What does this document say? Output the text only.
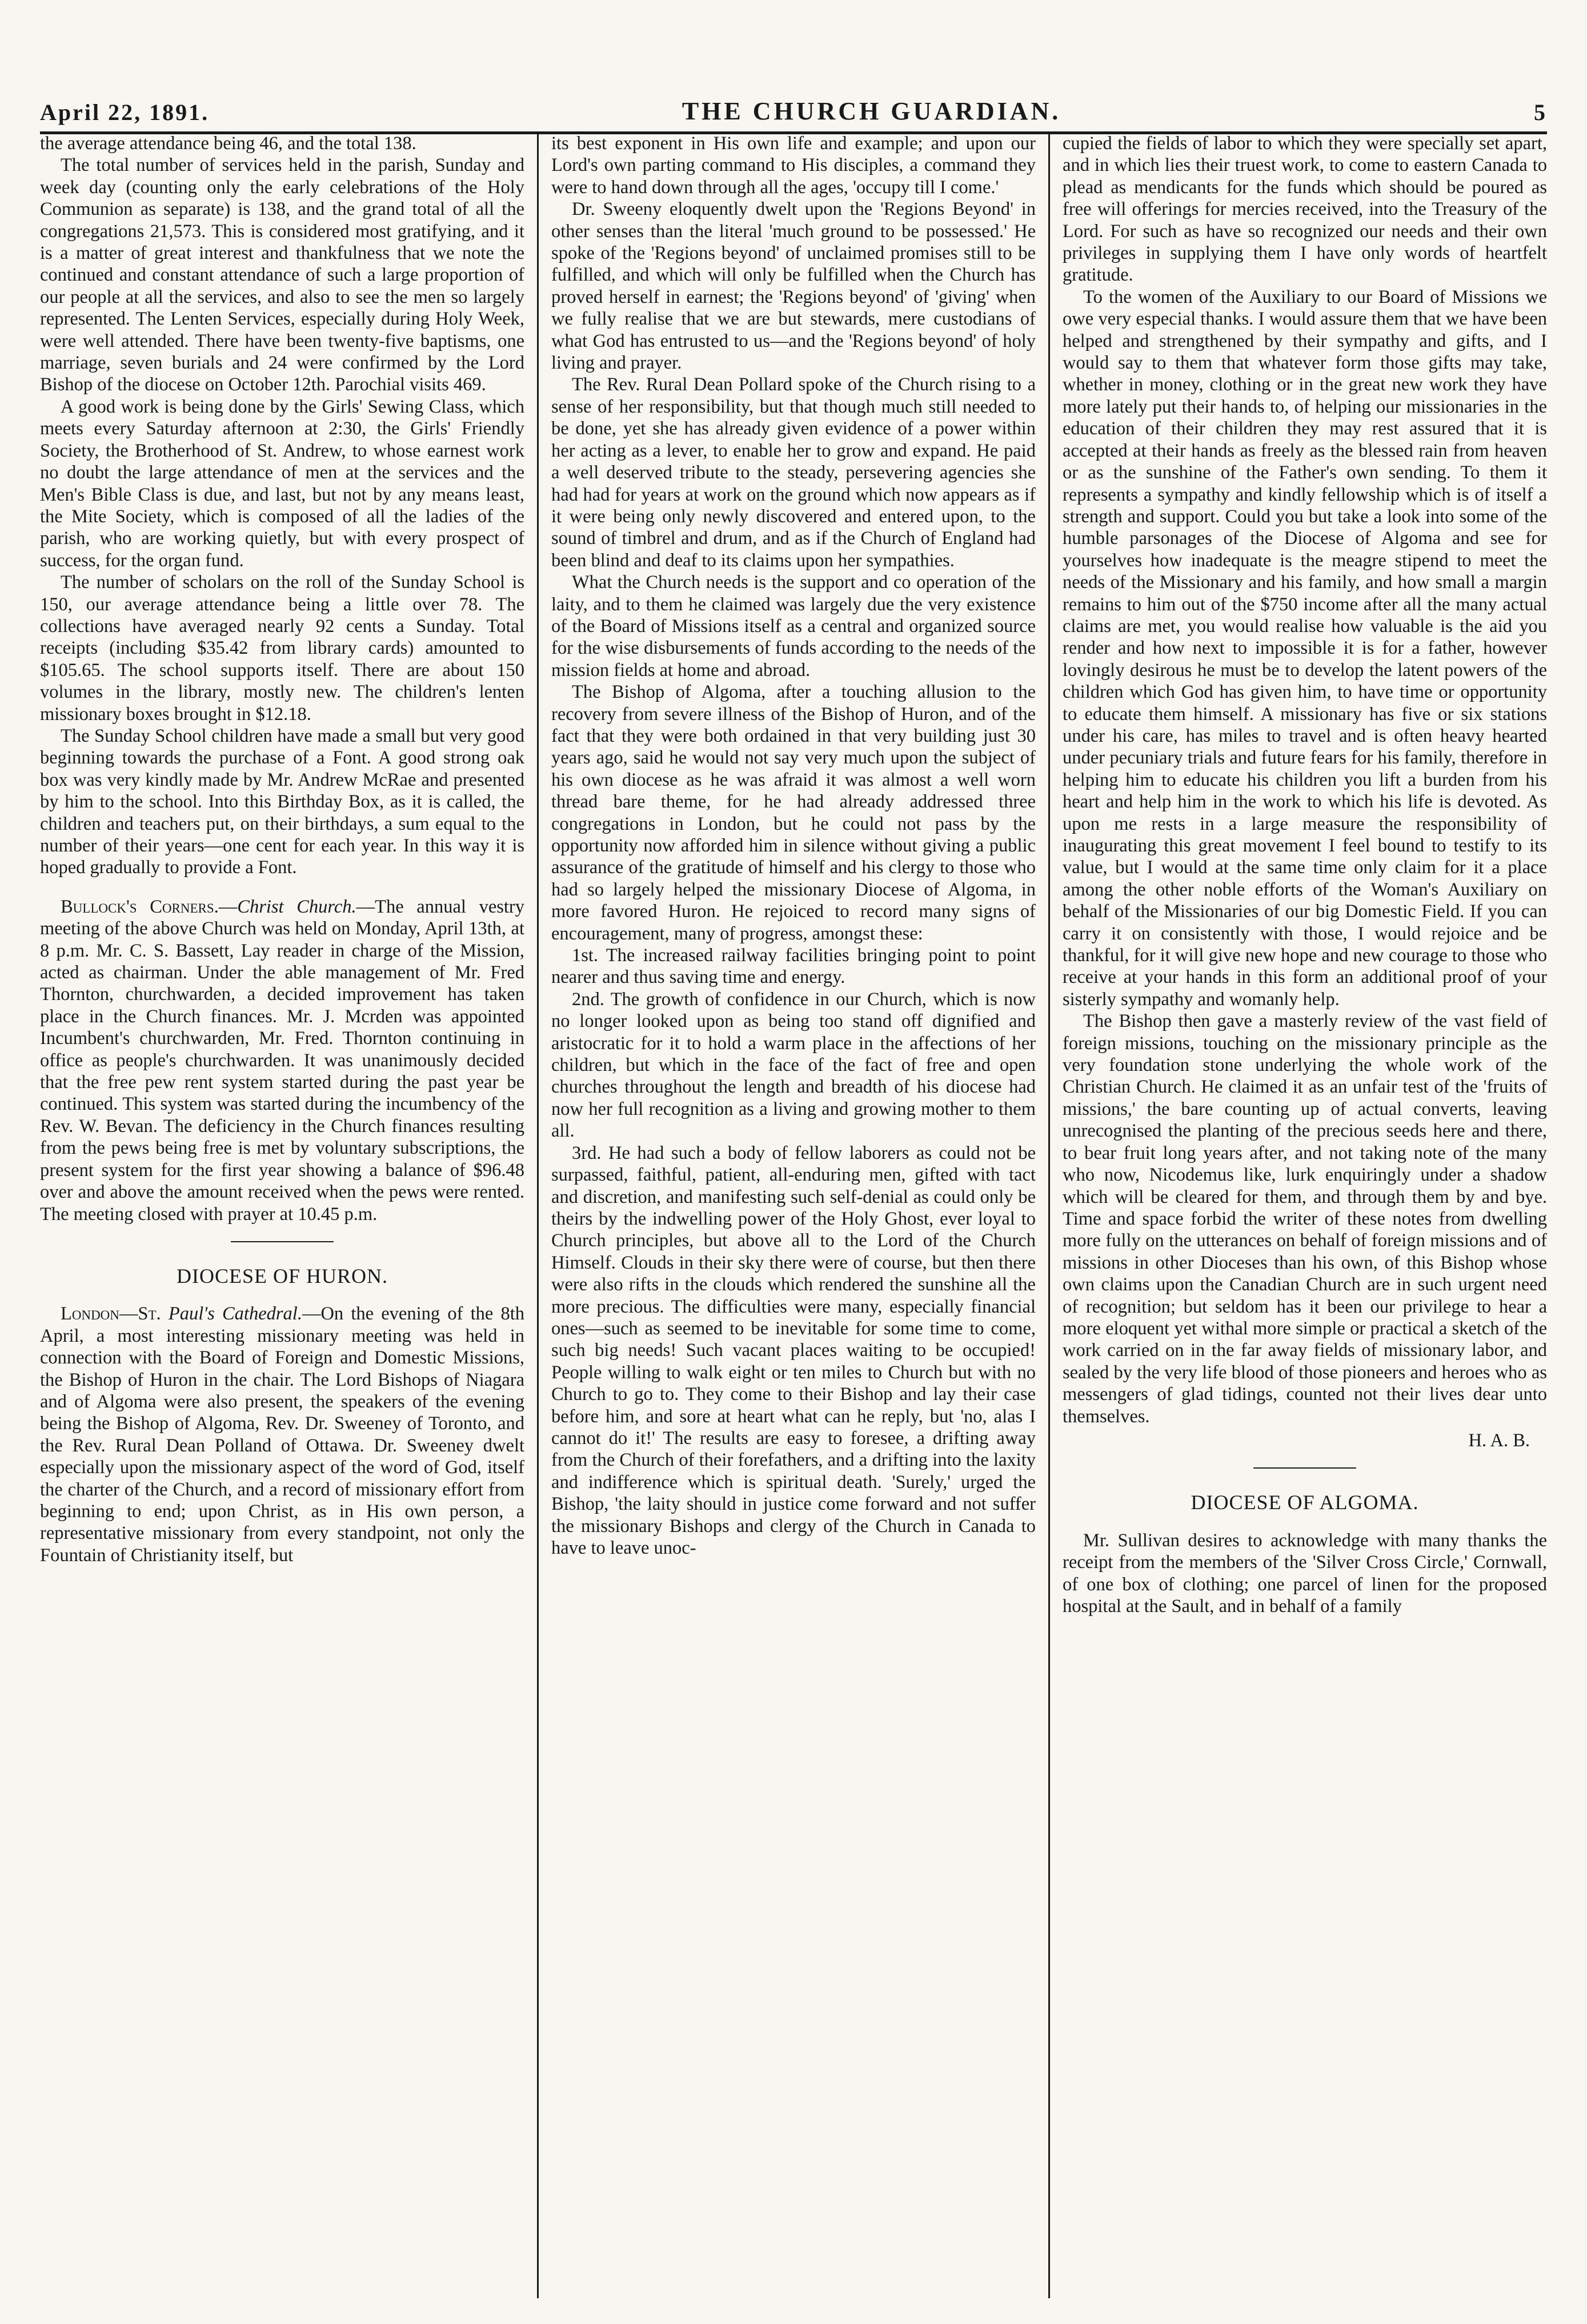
April 22, 1891.	THE CHURCH GUARDIAN.	5

the average attendance being 46, and the total 138.

The total number of services held in the parish, Sunday and week day (counting only the early celebrations of the Holy Communion as separate) is 138, and the grand total of all the congregations 21,573. This is considered most gratifying, and it is a matter of great interest and thankfulness that we note the continued and constant attendance of such a large proportion of our people at all the services, and also to see the men so largely represented. The Lenten Services, especially during Holy Week, were well attended. There have been twenty-five baptisms, one marriage, seven burials and 24 were confirmed by the Lord Bishop of the diocese on October 12th. Parochial visits 469.

A good work is being done by the Girls' Sewing Class, which meets every Saturday afternoon at 2:30, the Girls' Friendly Society, the Brotherhood of St. Andrew, to whose earnest work no doubt the large attendance of men at the services and the Men's Bible Class is due, and last, but not by any means least, the Mite Society, which is composed of all the ladies of the parish, who are working quietly, but with every prospect of success, for the organ fund.

The number of scholars on the roll of the Sunday School is 150, our average attendance being a little over 78. The collections have averaged nearly 92 cents a Sunday. Total receipts (including $35.42 from library cards) amounted to $105.65. The school supports itself. There are about 150 volumes in the library, mostly new. The children's lenten missionary boxes brought in $12.18.

The Sunday School children have made a small but very good beginning towards the purchase of a Font. A good strong oak box was very kindly made by Mr. Andrew McRae and presented by him to the school. Into this Birthday Box, as it is called, the children and teachers put, on their birthdays, a sum equal to the number of their years—one cent for each year. In this way it is hoped gradually to provide a Font.

Bullock's Corners.—Christ Church.—The annual vestry meeting of the above Church was held on Monday, April 13th, at 8 p.m. Mr. C. S. Bassett, Lay reader in charge of the Mission, acted as chairman. Under the able management of Mr. Fred Thornton, churchwarden, a decided improvement has taken place in the Church finances. Mr. J. Mcrden was appointed Incumbent's churchwarden, Mr. Fred. Thornton continuing in office as people's churchwarden. It was unanimously decided that the free pew rent system started during the past year be continued. This system was started during the incumbency of the Rev. W. Bevan. The deficiency in the Church finances resulting from the pews being free is met by voluntary subscriptions, the present system for the first year showing a balance of $96.48 over and above the amount received when the pews were rented. The meeting closed with prayer at 10.45 p.m.

DIOCESE OF HURON.

London—St. Paul's Cathedral.—On the evening of the 8th April, a most interesting missionary meeting was held in connection with the Board of Foreign and Domestic Missions, the Bishop of Huron in the chair. The Lord Bishops of Niagara and of Algoma were also present, the speakers of the evening being the Bishop of Algoma, Rev. Dr. Sweeney of Toronto, and the Rev. Rural Dean Polland of Ottawa. Dr. Sweeney dwelt especially upon the missionary aspect of the word of God, itself the charter of the Church, and a record of missionary effort from beginning to end; upon Christ, as in His own person, a representative missionary from every standpoint, not only the Fountain of Christianity itself, but

its best exponent in His own life and example; and upon our Lord's own parting command to His disciples, a command they were to hand down through all the ages, 'occupy till I come.'

Dr. Sweeny eloquently dwelt upon the 'Regions Beyond' in other senses than the literal 'much ground to be possessed.' He spoke of the 'Regions beyond' of unclaimed promises still to be fulfilled, and which will only be fulfilled when the Church has proved herself in earnest; the 'Regions beyond' of 'giving' when we fully realise that we are but stewards, mere custodians of what God has entrusted to us—and the 'Regions beyond' of holy living and prayer.

The Rev. Rural Dean Pollard spoke of the Church rising to a sense of her responsibility, but that though much still needed to be done, yet she has already given evidence of a power within her acting as a lever, to enable her to grow and expand. He paid a well deserved tribute to the steady, persevering agencies she had had for years at work on the ground which now appears as if it were being only newly discovered and entered upon, to the sound of timbrel and drum, and as if the Church of England had been blind and deaf to its claims upon her sympathies.

What the Church needs is the support and co operation of the laity, and to them he claimed was largely due the very existence of the Board of Missions itself as a central and organized source for the wise disbursements of funds according to the needs of the mission fields at home and abroad.

The Bishop of Algoma, after a touching allusion to the recovery from severe illness of the Bishop of Huron, and of the fact that they were both ordained in that very building just 30 years ago, said he would not say very much upon the subject of his own diocese as he was afraid it was almost a well worn thread bare theme, for he had already addressed three congregations in London, but he could not pass by the opportunity now afforded him in silence without giving a public assurance of the gratitude of himself and his clergy to those who had so largely helped the missionary Diocese of Algoma, in more favored Huron. He rejoiced to record many signs of encouragement, many of progress, amongst these:

1st. The increased railway facilities bringing point to point nearer and thus saving time and energy.

2nd. The growth of confidence in our Church, which is now no longer looked upon as being too stand off dignified and aristocratic for it to hold a warm place in the affections of her children, but which in the face of the fact of free and open churches throughout the length and breadth of his diocese had now her full recognition as a living and growing mother to them all.

3rd. He had such a body of fellow laborers as could not be surpassed, faithful, patient, all-enduring men, gifted with tact and discretion, and manifesting such self-denial as could only be theirs by the indwelling power of the Holy Ghost, ever loyal to Church principles, but above all to the Lord of the Church Himself. Clouds in their sky there were of course, but then there were also rifts in the clouds which rendered the sunshine all the more precious. The difficulties were many, especially financial ones—such as seemed to be inevitable for some time to come, such big needs! Such vacant places waiting to be occupied! People willing to walk eight or ten miles to Church but with no Church to go to. They come to their Bishop and lay their case before him, and sore at heart what can he reply, but 'no, alas I cannot do it!' The results are easy to foresee, a drifting away from the Church of their forefathers, and a drifting into the laxity and indifference which is spiritual death. 'Surely,' urged the Bishop, 'the laity should in justice come forward and not suffer the missionary Bishops and clergy of the Church in Canada to have to leave unoc-

cupied the fields of labor to which they were specially set apart, and in which lies their truest work, to come to eastern Canada to plead as mendicants for the funds which should be poured as free will offerings for mercies received, into the Treasury of the Lord. For such as have so recognized our needs and their own privileges in supplying them I have only words of heartfelt gratitude.

To the women of the Auxiliary to our Board of Missions we owe very especial thanks. I would assure them that we have been helped and strengthened by their sympathy and gifts, and I would say to them that whatever form those gifts may take, whether in money, clothing or in the great new work they have more lately put their hands to, of helping our missionaries in the education of their children they may rest assured that it is accepted at their hands as freely as the blessed rain from heaven or as the sunshine of the Father's own sending. To them it represents a sympathy and kindly fellowship which is of itself a strength and support. Could you but take a look into some of the humble parsonages of the Diocese of Algoma and see for yourselves how inadequate is the meagre stipend to meet the needs of the Missionary and his family, and how small a margin remains to him out of the $750 income after all the many actual claims are met, you would realise how valuable is the aid you render and how next to impossible it is for a father, however lovingly desirous he must be to develop the latent powers of the children which God has given him, to have time or opportunity to educate them himself. A missionary has five or six stations under his care, has miles to travel and is often heavy hearted under pecuniary trials and future fears for his family, therefore in helping him to educate his children you lift a burden from his heart and help him in the work to which his life is devoted. As upon me rests in a large measure the responsibility of inaugurating this great movement I feel bound to testify to its value, but I would at the same time only claim for it a place among the other noble efforts of the Woman's Auxiliary on behalf of the Missionaries of our big Domestic Field. If you can carry it on consistently with those, I would rejoice and be thankful, for it will give new hope and new courage to those who receive at your hands in this form an additional proof of your sisterly sympathy and womanly help.

The Bishop then gave a masterly review of the vast field of foreign missions, touching on the missionary principle as the very foundation stone underlying the whole work of the Christian Church. He claimed it as an unfair test of the 'fruits of missions,' the bare counting up of actual converts, leaving unrecognised the planting of the precious seeds here and there, to bear fruit long years after, and not taking note of the many who now, Nicodemus like, lurk enquiringly under a shadow which will be cleared for them, and through them by and bye. Time and space forbid the writer of these notes from dwelling more fully on the utterances on behalf of foreign missions and of missions in other Dioceses than his own, of this Bishop whose own claims upon the Canadian Church are in such urgent need of recognition; but seldom has it been our privilege to hear a more eloquent yet withal more simple or practical a sketch of the work carried on in the far away fields of missionary labor, and sealed by the very life blood of those pioneers and heroes who as messengers of glad tidings, counted not their lives dear unto themselves.

H. A. B.
DIOCESE OF ALGOMA.

Mr. Sullivan desires to acknowledge with many thanks the receipt from the members of the 'Silver Cross Circle,' Cornwall, of one box of clothing; one parcel of linen for the proposed hospital at the Sault, and in behalf of a family
